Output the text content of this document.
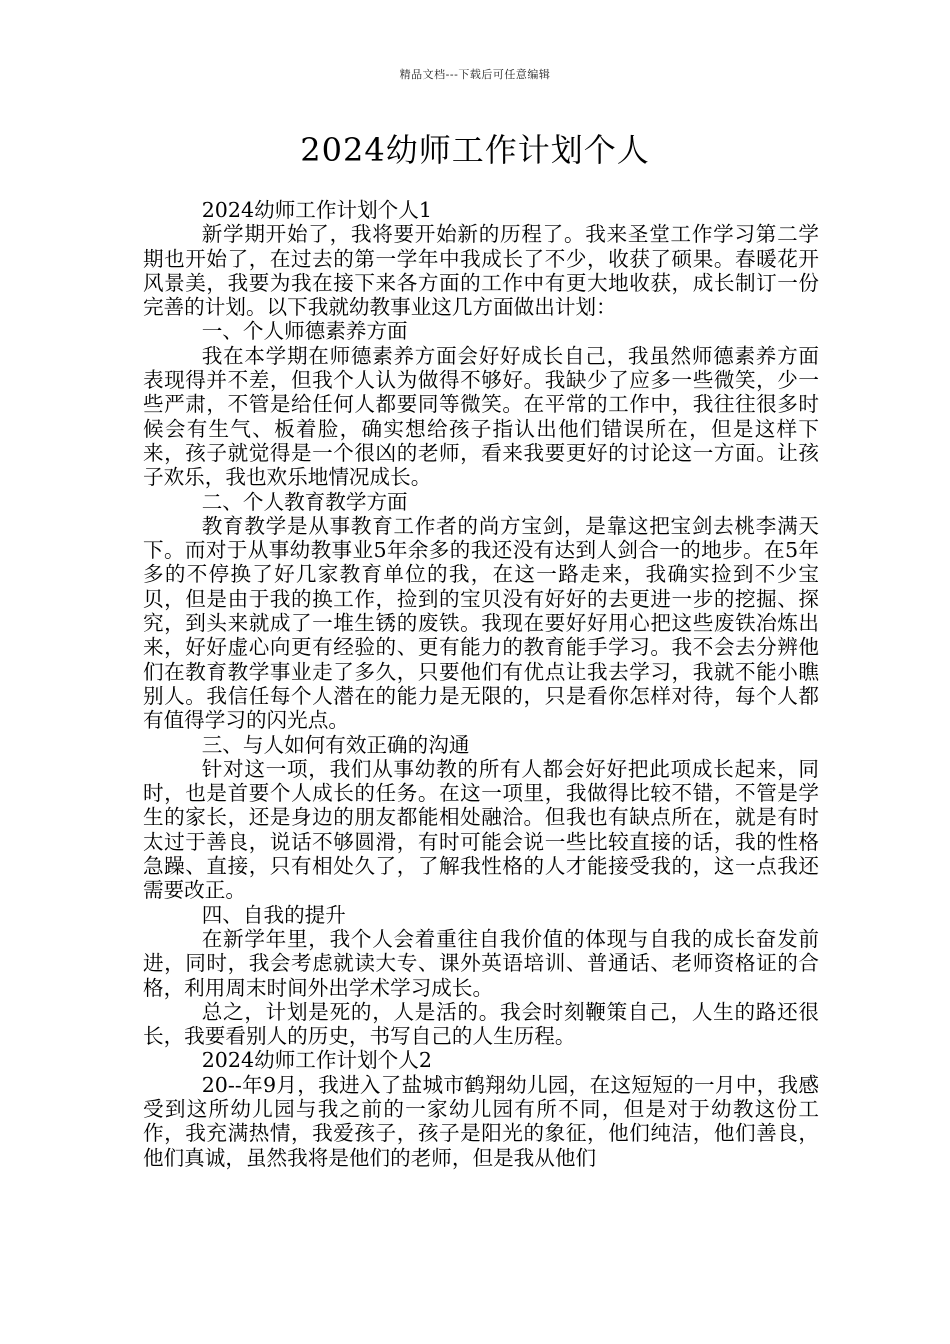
精品文档---下载后可任意编辑
2024幼师工作计划个人

2024幼师工作计划个人1

新学期开始了，我将要开始新的历程了。我来圣堂工作学习第二学期也开始了，在过去的第一学年中我成长了不少，收获了硕果。春暖花开风景美，我要为我在接下来各方面的工作中有更大地收获，成长制订一份完善的计划。以下我就幼教事业这几方面做出计划：

一、个人师德素养方面

我在本学期在师德素养方面会好好成长自己，我虽然师德素养方面表现得并不差，但我个人认为做得不够好。我缺少了应多一些微笑，少一些严肃，不管是给任何人都要同等微笑。在平常的工作中，我往往很多时候会有生气、板着脸，确实想给孩子指认出他们错误所在，但是这样下来，孩子就觉得是一个很凶的老师，看来我要更好的讨论这一方面。让孩子欢乐，我也欢乐地情况成长。

二、个人教育教学方面

教育教学是从事教育工作者的尚方宝剑，是靠这把宝剑去桃李满天下。而对于从事幼教事业5年余多的我还没有达到人剑合一的地步。在5年多的不停换了好几家教育单位的我，在这一路走来，我确实捡到不少宝贝，但是由于我的换工作，捡到的宝贝没有好好的去更进一步的挖掘、探究，到头来就成了一堆生锈的废铁。我现在要好好用心把这些废铁冶炼出来，好好虚心向更有经验的、更有能力的教育能手学习。我不会去分辨他们在教育教学事业走了多久，只要他们有优点让我去学习，我就不能小瞧别人。我信任每个人潜在的能力是无限的，只是看你怎样对待，每个人都有值得学习的闪光点。

三、与人如何有效正确的沟通

针对这一项，我们从事幼教的所有人都会好好把此项成长起来，同时，也是首要个人成长的任务。在这一项里，我做得比较不错，不管是学生的家长，还是身边的朋友都能相处融洽。但我也有缺点所在，就是有时太过于善良，说话不够圆滑，有时可能会说一些比较直接的话，我的性格急躁、直接，只有相处久了，了解我性格的人才能接受我的，这一点我还需要改正。

四、自我的提升

在新学年里，我个人会着重往自我价值的体现与自我的成长奋发前进，同时，我会考虑就读大专、课外英语培训、普通话、老师资格证的合格，利用周末时间外出学术学习成长。

总之，计划是死的，人是活的。我会时刻鞭策自己，人生的路还很长，我要看别人的历史，书写自己的人生历程。

2024幼师工作计划个人2

20--年9月，我进入了盐城市鹤翔幼儿园，在这短短的一月中，我感受到这所幼儿园与我之前的一家幼儿园有所不同，但是对于幼教这份工作，我充满热情，我爱孩子，孩子是阳光的象征，他们纯洁，他们善良，他们真诚，虽然我将是他们的老师，但是我从他们
